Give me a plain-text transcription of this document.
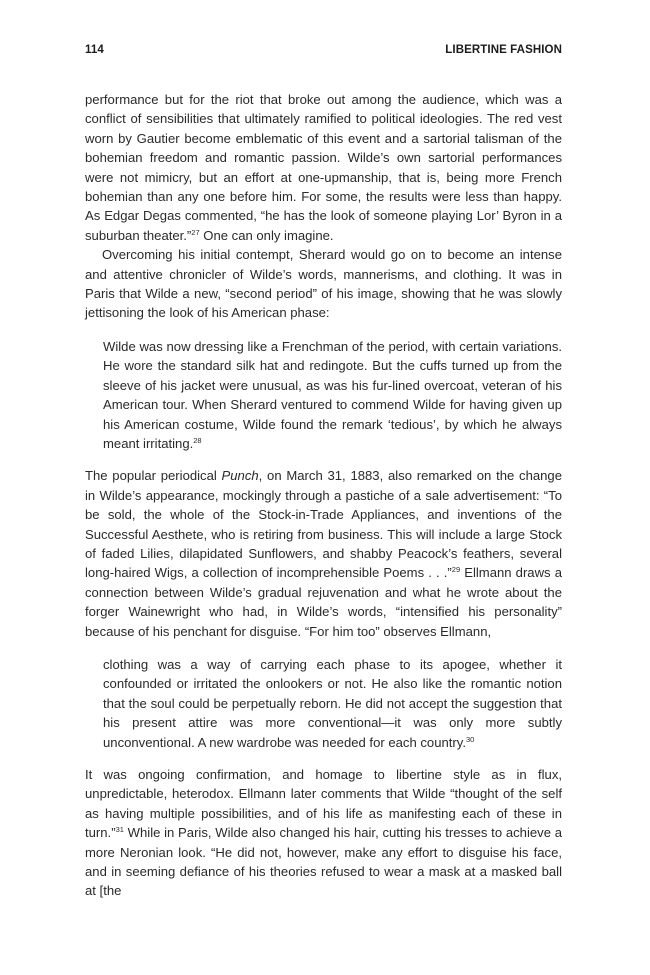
114	LIBERTINE FASHION

performance but for the riot that broke out among the audience, which was a conflict of sensibilities that ultimately ramified to political ideologies. The red vest worn by Gautier become emblematic of this event and a sartorial talisman of the bohemian freedom and romantic passion. Wilde’s own sartorial performances were not mimicry, but an effort at one-upmanship, that is, being more French bohemian than any one before him. For some, the results were less than happy. As Edgar Degas commented, “he has the look of someone playing Lor’ Byron in a suburban theater.”$^{27}$ One can only imagine.

Overcoming his initial contempt, Sherard would go on to become an intense and attentive chronicler of Wilde’s words, mannerisms, and clothing. It was in Paris that Wilde a new, “second period” of his image, showing that he was slowly jettisoning the look of his American phase:

Wilde was now dressing like a Frenchman of the period, with certain variations. He wore the standard silk hat and redingote. But the cuffs turned up from the sleeve of his jacket were unusual, as was his fur-lined overcoat, veteran of his American tour. When Sherard ventured to commend Wilde for having given up his American costume, Wilde found the remark ‘tedious’, by which he always meant irritating.$^{28}$

The popular periodical Punch, on March 31, 1883, also remarked on the change in Wilde’s appearance, mockingly through a pastiche of a sale advertisement: “To be sold, the whole of the Stock-in-Trade Appliances, and inventions of the Successful Aesthete, who is retiring from business. This will include a large Stock of faded Lilies, dilapidated Sunflowers, and shabby Peacock’s feathers, several long-haired Wigs, a collection of incomprehensible Poems . . .”$^{29}$ Ellmann draws a connection between Wilde’s gradual rejuvenation and what he wrote about the forger Wainewright who had, in Wilde’s words, “intensified his personality” because of his penchant for disguise. “For him too” observes Ellmann,

clothing was a way of carrying each phase to its apogee, whether it confounded or irritated the onlookers or not. He also like the romantic notion that the soul could be perpetually reborn. He did not accept the suggestion that his present attire was more conventional—it was only more subtly unconventional. A new wardrobe was needed for each country.$^{30}$

It was ongoing confirmation, and homage to libertine style as in flux, unpredictable, heterodox. Ellmann later comments that Wilde “thought of the self as having multiple possibilities, and of his life as manifesting each of these in turn.”$^{31}$ While in Paris, Wilde also changed his hair, cutting his tresses to achieve a more Neronian look. “He did not, however, make any effort to disguise his face, and in seeming defiance of his theories refused to wear a mask at a masked ball at [the
